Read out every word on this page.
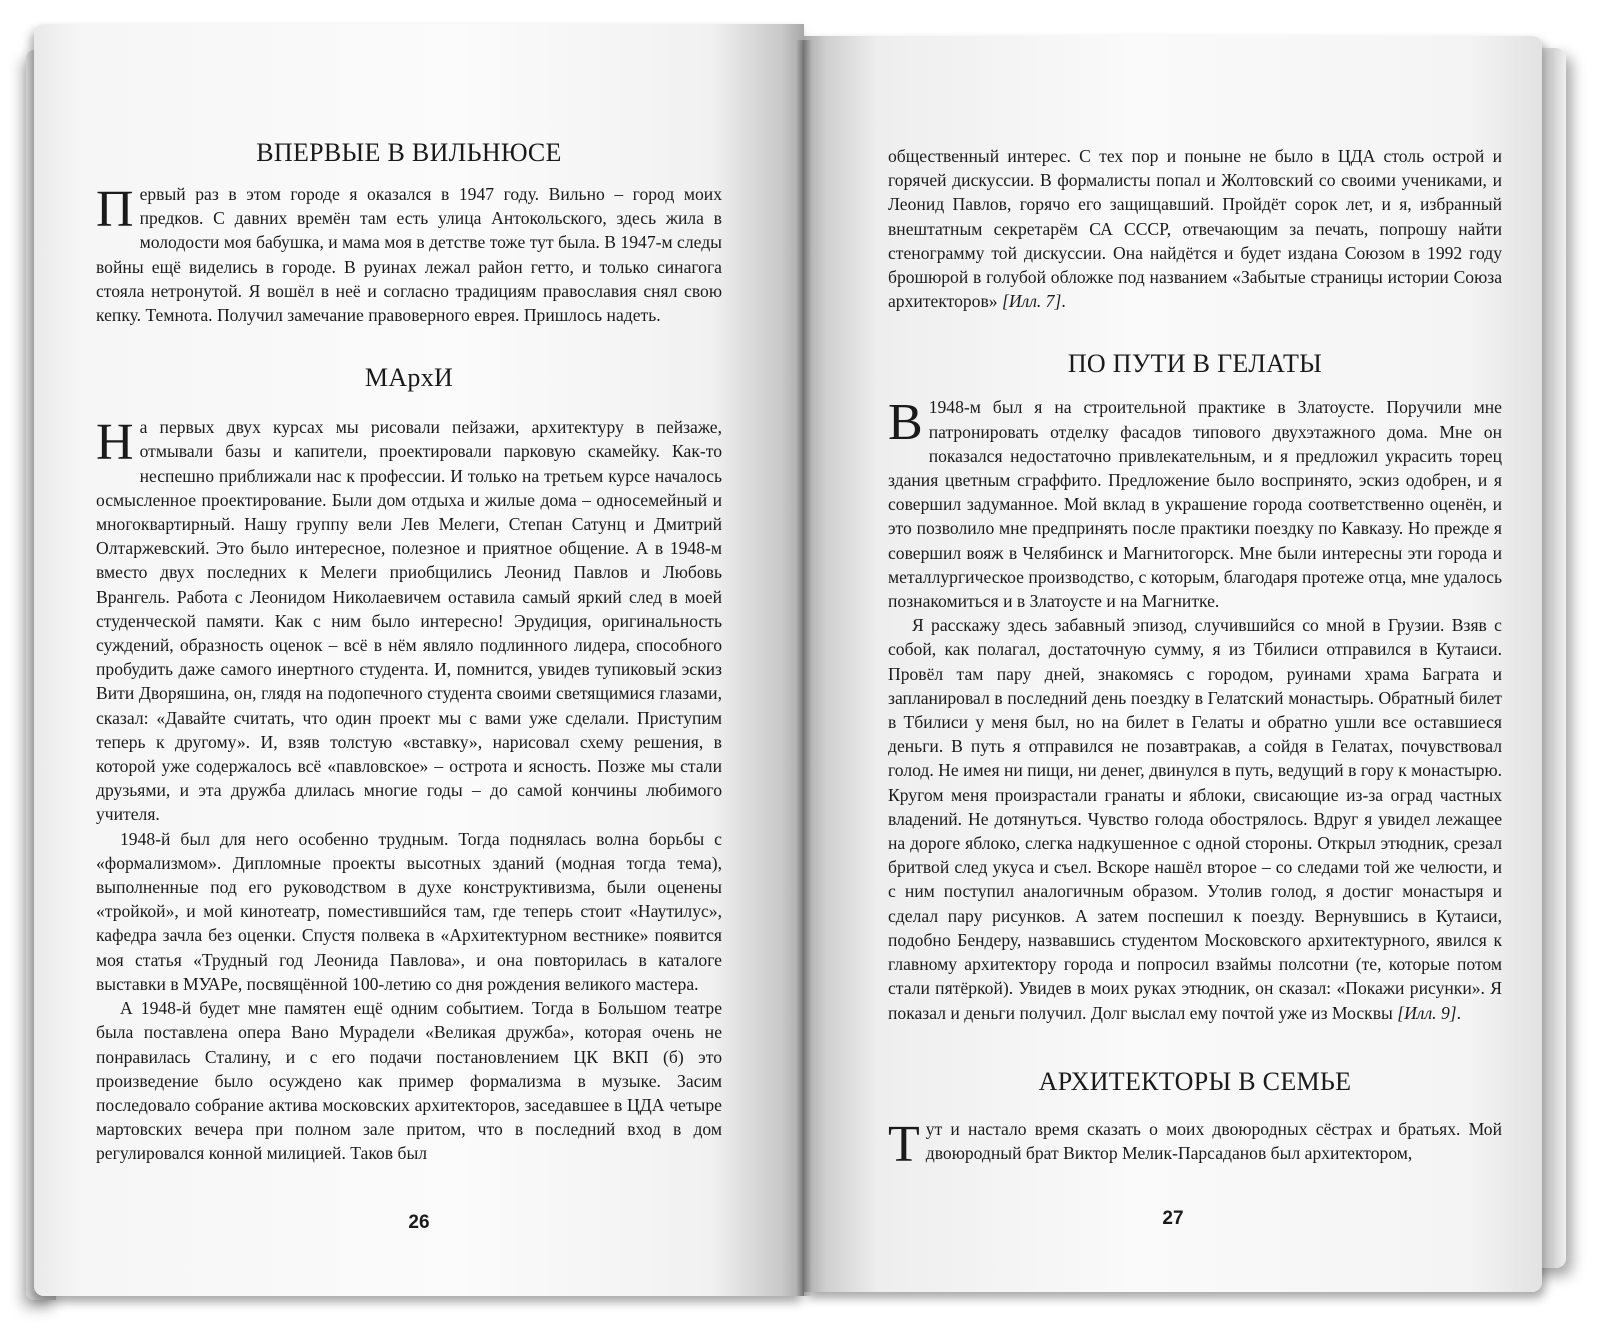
ВПЕРВЫЕ В ВИЛЬНЮСЕ

Первый раз в этом городе я оказался в 1947 году. Вильно – город моих предков. С давних времён там есть улица Антокольского, здесь жила в молодости моя бабушка, и мама моя в детстве тоже тут была. В 1947-м следы войны ещё виделись в городе. В руинах лежал район гетто, и только синагога стояла нетронутой. Я вошёл в неё и согласно традициям православия снял свою кепку. Темнота. Получил замечание правоверного еврея. Пришлось надеть.

МАрхИ

На первых двух курсах мы рисовали пейзажи, архитектуру в пейзаже, отмывали базы и капители, проектировали парковую скамейку. Как-то неспешно приближали нас к профессии. И только на третьем курсе началось осмысленное проектирование. Были дом отдыха и жилые дома – односемейный и многоквартирный. Нашу группу вели Лев Мелеги, Степан Сатунц и Дмитрий Олтаржевский. Это было интересное, полезное и приятное общение. А в 1948-м вместо двух последних к Мелеги приобщились Леонид Павлов и Любовь Врангель. Работа с Леонидом Николаевичем оставила самый яркий след в моей студенческой памяти. Как с ним было интересно! Эрудиция, оригинальность суждений, образность оценок – всё в нём являло подлинного лидера, способного пробудить даже самого инертного студента. И, помнится, увидев тупиковый эскиз Вити Дворяшина, он, глядя на подопечного студента своими светящимися глазами, сказал: «Давайте считать, что один проект мы с вами уже сделали. Приступим теперь к другому». И, взяв толстую «вставку», нарисовал схему решения, в которой уже содержалось всё «павловское» – острота и ясность. Позже мы стали друзьями, и эта дружба длилась многие годы – до самой кончины любимого учителя.

1948-й был для него особенно трудным. Тогда поднялась волна борьбы с «формализмом». Дипломные проекты высотных зданий (модная тогда тема), выполненные под его руководством в духе конструктивизма, были оценены «тройкой», и мой кинотеатр, поместившийся там, где теперь стоит «Наутилус», кафедра зачла без оценки. Спустя полвека в «Архитектурном вестнике» появится моя статья «Трудный год Леонида Павлова», и она повторилась в каталоге выставки в МУАРе, посвящённой 100-летию со дня рождения великого мастера.

А 1948-й будет мне памятен ещё одним событием. Тогда в Большом театре была поставлена опера Вано Мурадели «Великая дружба», которая очень не понравилась Сталину, и с его подачи постановлением ЦК ВКП (б) это произведение было осуждено как пример формализма в музыке. Засим последовало собрание актива московских архитекторов, заседавшее в ЦДА четыре мартовских вечера при полном зале притом, что в последний вход в дом регулировался конной милицией. Таков был

26

общественный интерес. С тех пор и поныне не было в ЦДА столь острой и горячей дискуссии. В формалисты попал и Жолтовский со своими учениками, и Леонид Павлов, горячо его защищавший. Пройдёт сорок лет, и я, избранный внештатным секретарём СА СССР, отвечающим за печать, попрошу найти стенограмму той дискуссии. Она найдётся и будет издана Союзом в 1992 году брошюрой в голубой обложке под названием «Забытые страницы истории Союза архитекторов» [Илл. 7].

ПО ПУТИ В ГЕЛАТЫ

В 1948-м был я на строительной практике в Златоусте. Поручили мне патронировать отделку фасадов типового двухэтажного дома. Мне он показался недостаточно привлекательным, и я предложил украсить торец здания цветным сграффито. Предложение было воспринято, эскиз одобрен, и я совершил задуманное. Мой вклад в украшение города соответственно оценён, и это позволило мне предпринять после практики поездку по Кавказу. Но прежде я совершил вояж в Челябинск и Магнитогорск. Мне были интересны эти города и металлургическое производство, с которым, благодаря протеже отца, мне удалось познакомиться и в Златоусте и на Магнитке.

Я расскажу здесь забавный эпизод, случившийся со мной в Грузии. Взяв с собой, как полагал, достаточную сумму, я из Тбилиси отправился в Кутаиси. Провёл там пару дней, знакомясь с городом, руинами храма Баграта и запланировал в последний день поездку в Гелатский монастырь. Обратный билет в Тбилиси у меня был, но на билет в Гелаты и обратно ушли все оставшиеся деньги. В путь я отправился не позавтракав, а сойдя в Гелатах, почувствовал голод. Не имея ни пищи, ни денег, двинулся в путь, ведущий в гору к монастырю. Кругом меня произрастали гранаты и яблоки, свисающие из-за оград частных владений. Не дотянуться. Чувство голода обострялось. Вдруг я увидел лежащее на дороге яблоко, слегка надкушенное с одной стороны. Открыл этюдник, срезал бритвой след укуса и съел. Вскоре нашёл второе – со следами той же челюсти, и с ним поступил аналогичным образом. Утолив голод, я достиг монастыря и сделал пару рисунков. А затем поспешил к поезду. Вернувшись в Кутаиси, подобно Бендеру, назвавшись студентом Московского архитектурного, явился к главному архитектору города и попросил взаймы полсотни (те, которые потом стали пятёркой). Увидев в моих руках этюдник, он сказал: «Покажи рисунки». Я показал и деньги получил. Долг выслал ему почтой уже из Москвы [Илл. 9].

АРХИТЕКТОРЫ В СЕМЬЕ

Тут и настало время сказать о моих двоюродных сёстрах и братьях. Мой двоюродный брат Виктор Мелик-Парсаданов был архитектором,

27
